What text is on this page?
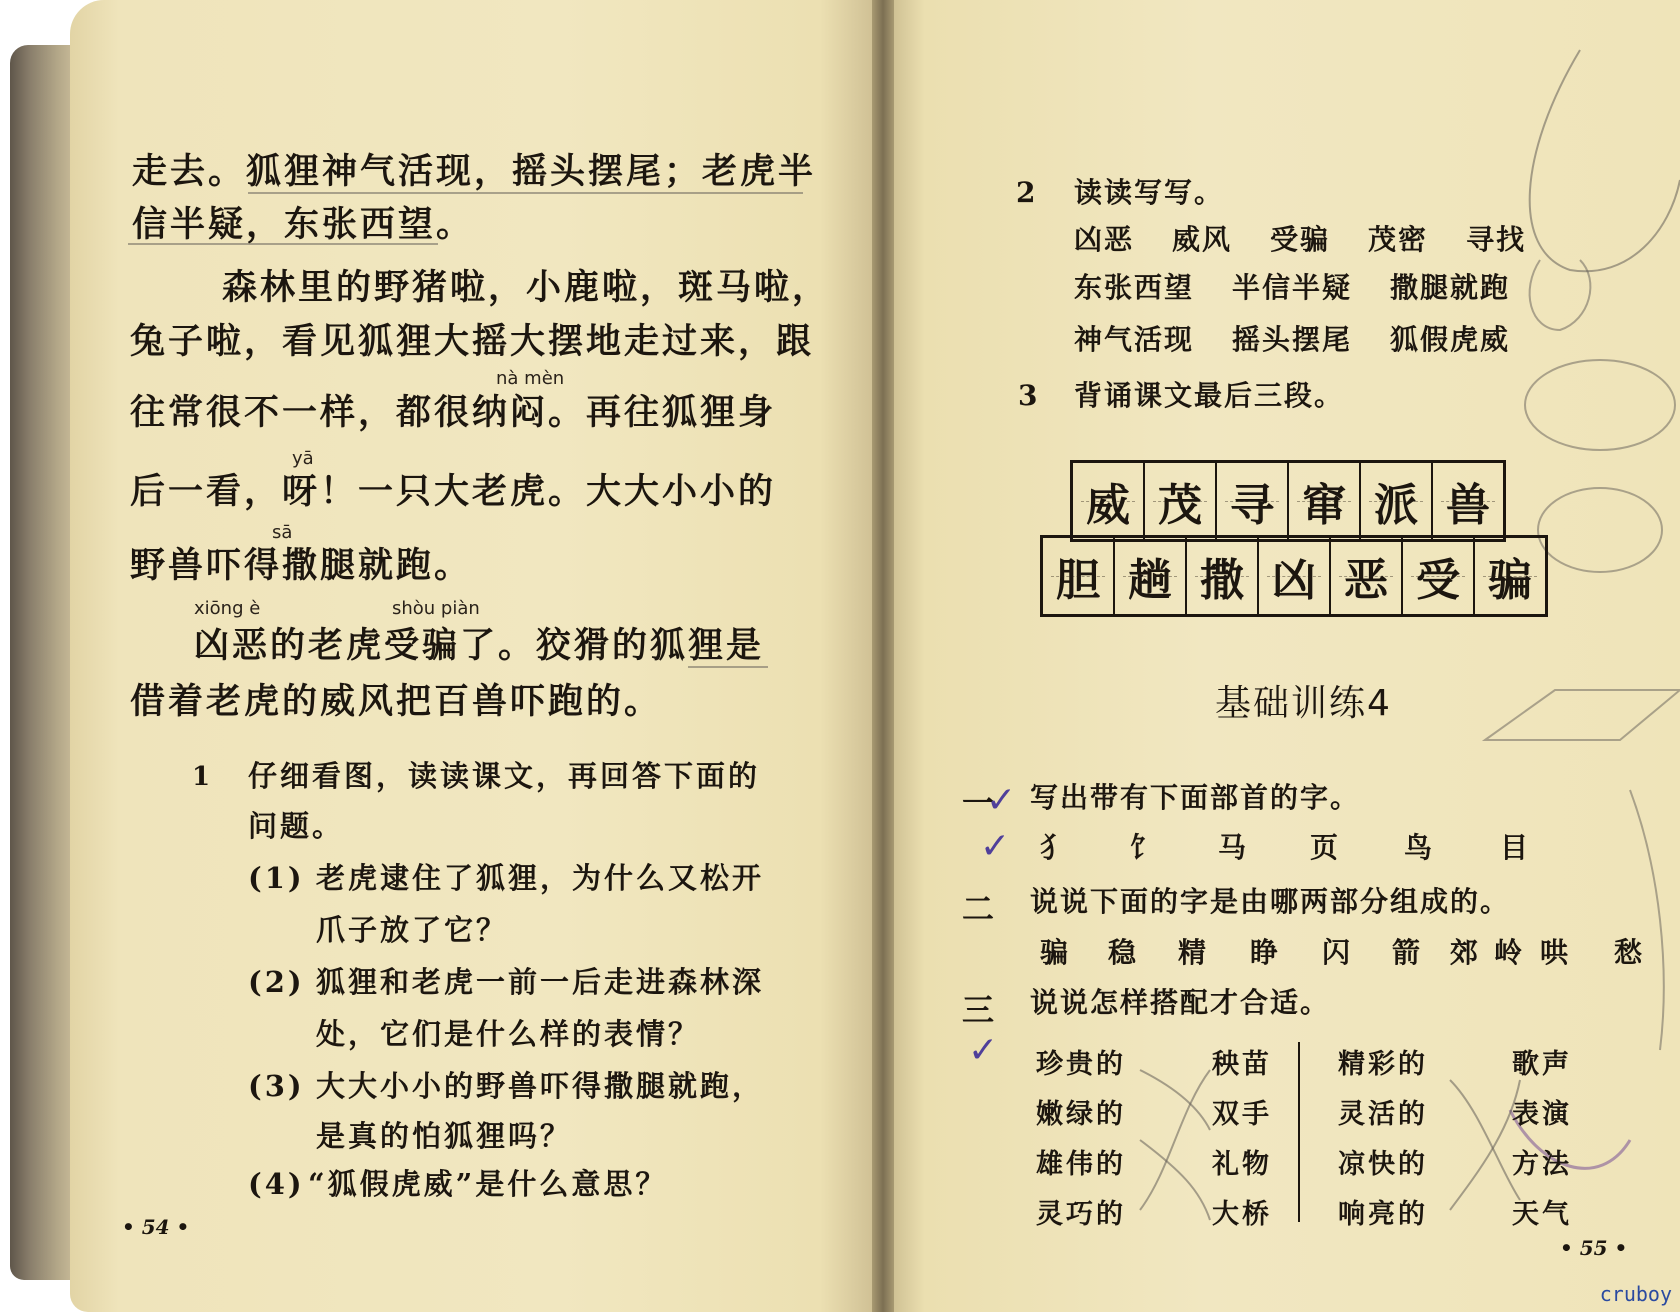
走去。狐狸神气活现，摇头摆尾；老虎半
信半疑，东张西望。
森林里的野猪啦，小鹿啦，斑马啦，
兔子啦，看见狐狸大摇大摆地走过来，跟
nà mèn
往常很不一样，都很纳闷。再往狐狸身
yā
后一看，呀！一只大老虎。大大小小的
sā
野兽吓得撒腿就跑。
xiōng è	shòu piàn
凶恶的老虎受骗了。狡猾的狐狸是
借着老虎的威风把百兽吓跑的。
1 仔细看图，读读课文，再回答下面的
问题。
(1) 老虎逮住了狐狸，为什么又松开
爪子放了它？
(2) 狐狸和老虎一前一后走进森林深
处，它们是什么样的表情？
(3) 大大小小的野兽吓得撒腿就跑，
是真的怕狐狸吗？
(4) “狐假虎威”是什么意思？
• 54 •
2 读读写写。
凶恶 威风 受骗 茂密 寻找
东张西望 半信半疑 撒腿就跑
神气活现 摇头摆尾 狐假虎威
3 背诵课文最后三段。
威 茂 寻 窜 派 兽
胆 趟 撒 凶 恶 受 骗
基础训练4
一
✓ 写出带有下面部首的字。
✓ 犭 饣 马 页 鸟 目
二 说说下面的字是由哪两部分组成的。
骗 稳 精 睁 闪 箭 郊 岭 哄 愁
三 说说怎样搭配才合适。
✓ 珍贵的
嫩绿的
雄伟的
灵巧的
秧苗
双手
礼物
大桥
精彩的
灵活的
凉快的
响亮的
歌声
表演
方法
天气
• 55 •
cruboy
